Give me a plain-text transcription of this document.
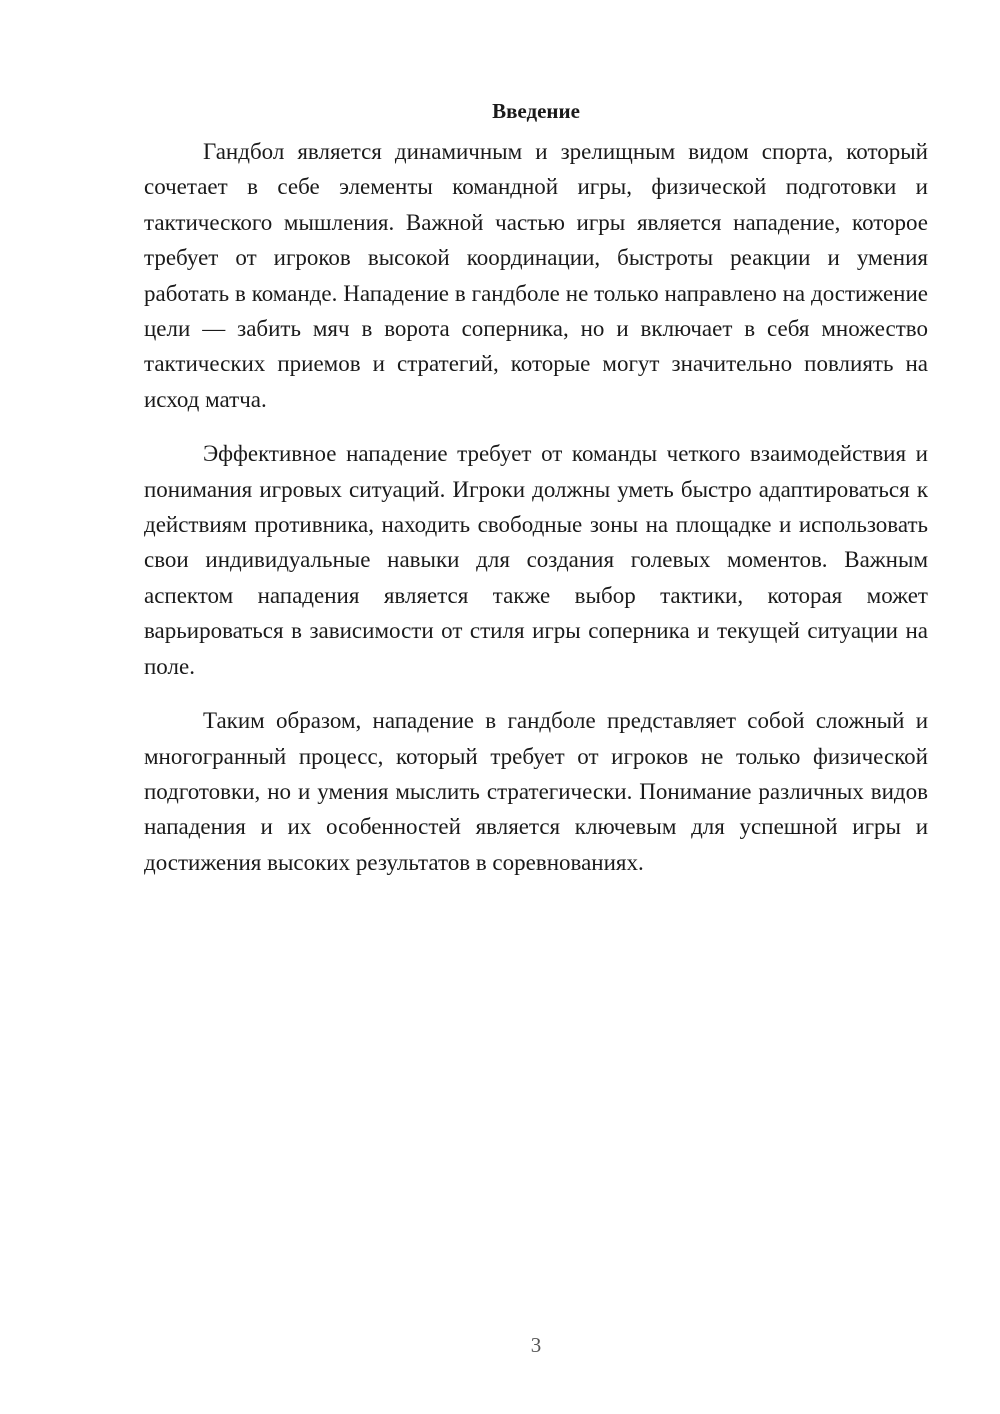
Введение

Гандбол является динамичным и зрелищным видом спорта, который сочетает в себе элементы командной игры, физической подготовки и тактического мышления. Важной частью игры является нападение, которое требует от игроков высокой координации, быстроты реакции и умения работать в команде. Нападение в гандболе не только направлено на достижение цели — забить мяч в ворота соперника, но и включает в себя множество тактических приемов и стратегий, которые могут значительно повлиять на исход матча.

Эффективное нападение требует от команды четкого взаимодействия и понимания игровых ситуаций. Игроки должны уметь быстро адаптироваться к действиям противника, находить свободные зоны на площадке и использовать свои индивидуальные навыки для создания голевых моментов. Важным аспектом нападения является также выбор тактики, которая может варьироваться в зависимости от стиля игры соперника и текущей ситуации на поле.

Таким образом, нападение в гандболе представляет собой сложный и многогранный процесс, который требует от игроков не только физической подготовки, но и умения мыслить стратегически. Понимание различных видов нападения и их особенностей является ключевым для успешной игры и достижения высоких результатов в соревнованиях.

3
